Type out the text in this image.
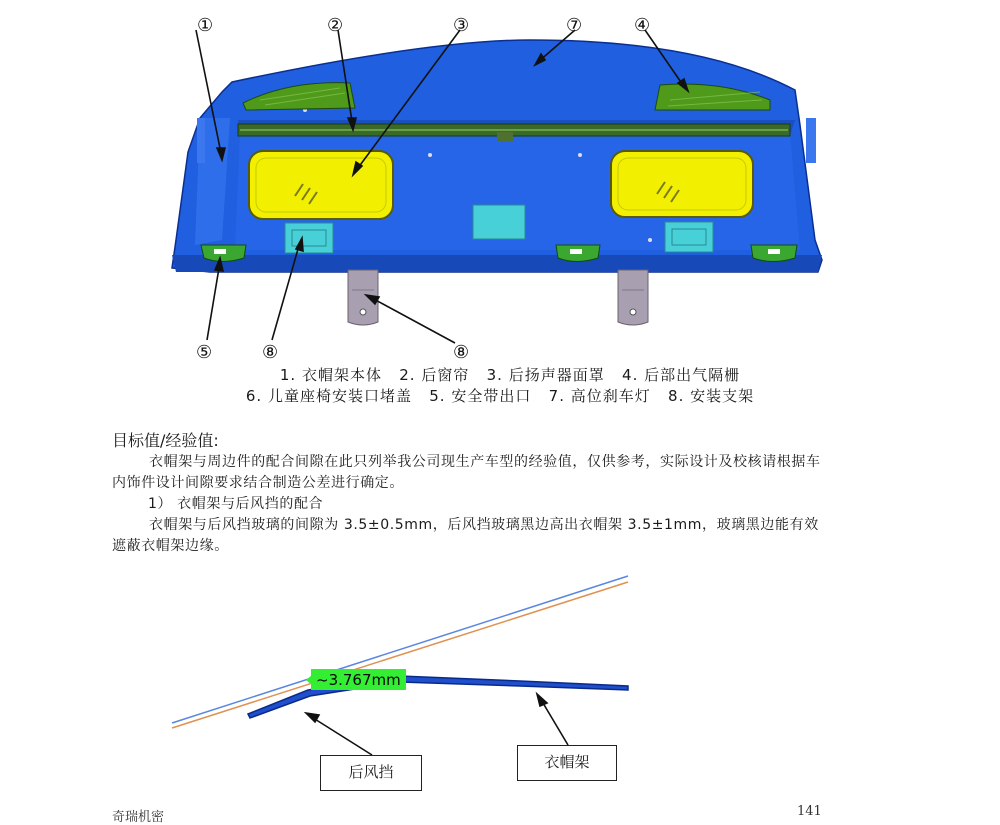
①	②	③	⑦	④
⑤	⑧	⑧
~3.767mm
1. 衣帽架本体   2. 后窗帘   3. 后扬声器面罩   4. 后部出气隔栅
6. 儿童座椅安装口堵盖   5. 安全带出口   7. 高位刹车灯   8. 安装支架
目标值/经验值:
衣帽架与周边件的配合间隙在此只列举我公司现生产车型的经验值，仅供参考，实际设计及校核请根据车内饰件设计间隙要求结合制造公差进行确定。
1） 衣帽架与后风挡的配合
衣帽架与后风挡玻璃的间隙为 3.5±0.5mm，后风挡玻璃黑边高出衣帽架 3.5±1mm，玻璃黑边能有效遮蔽衣帽架边缘。
后风挡
衣帽架
奇瑞机密	141
